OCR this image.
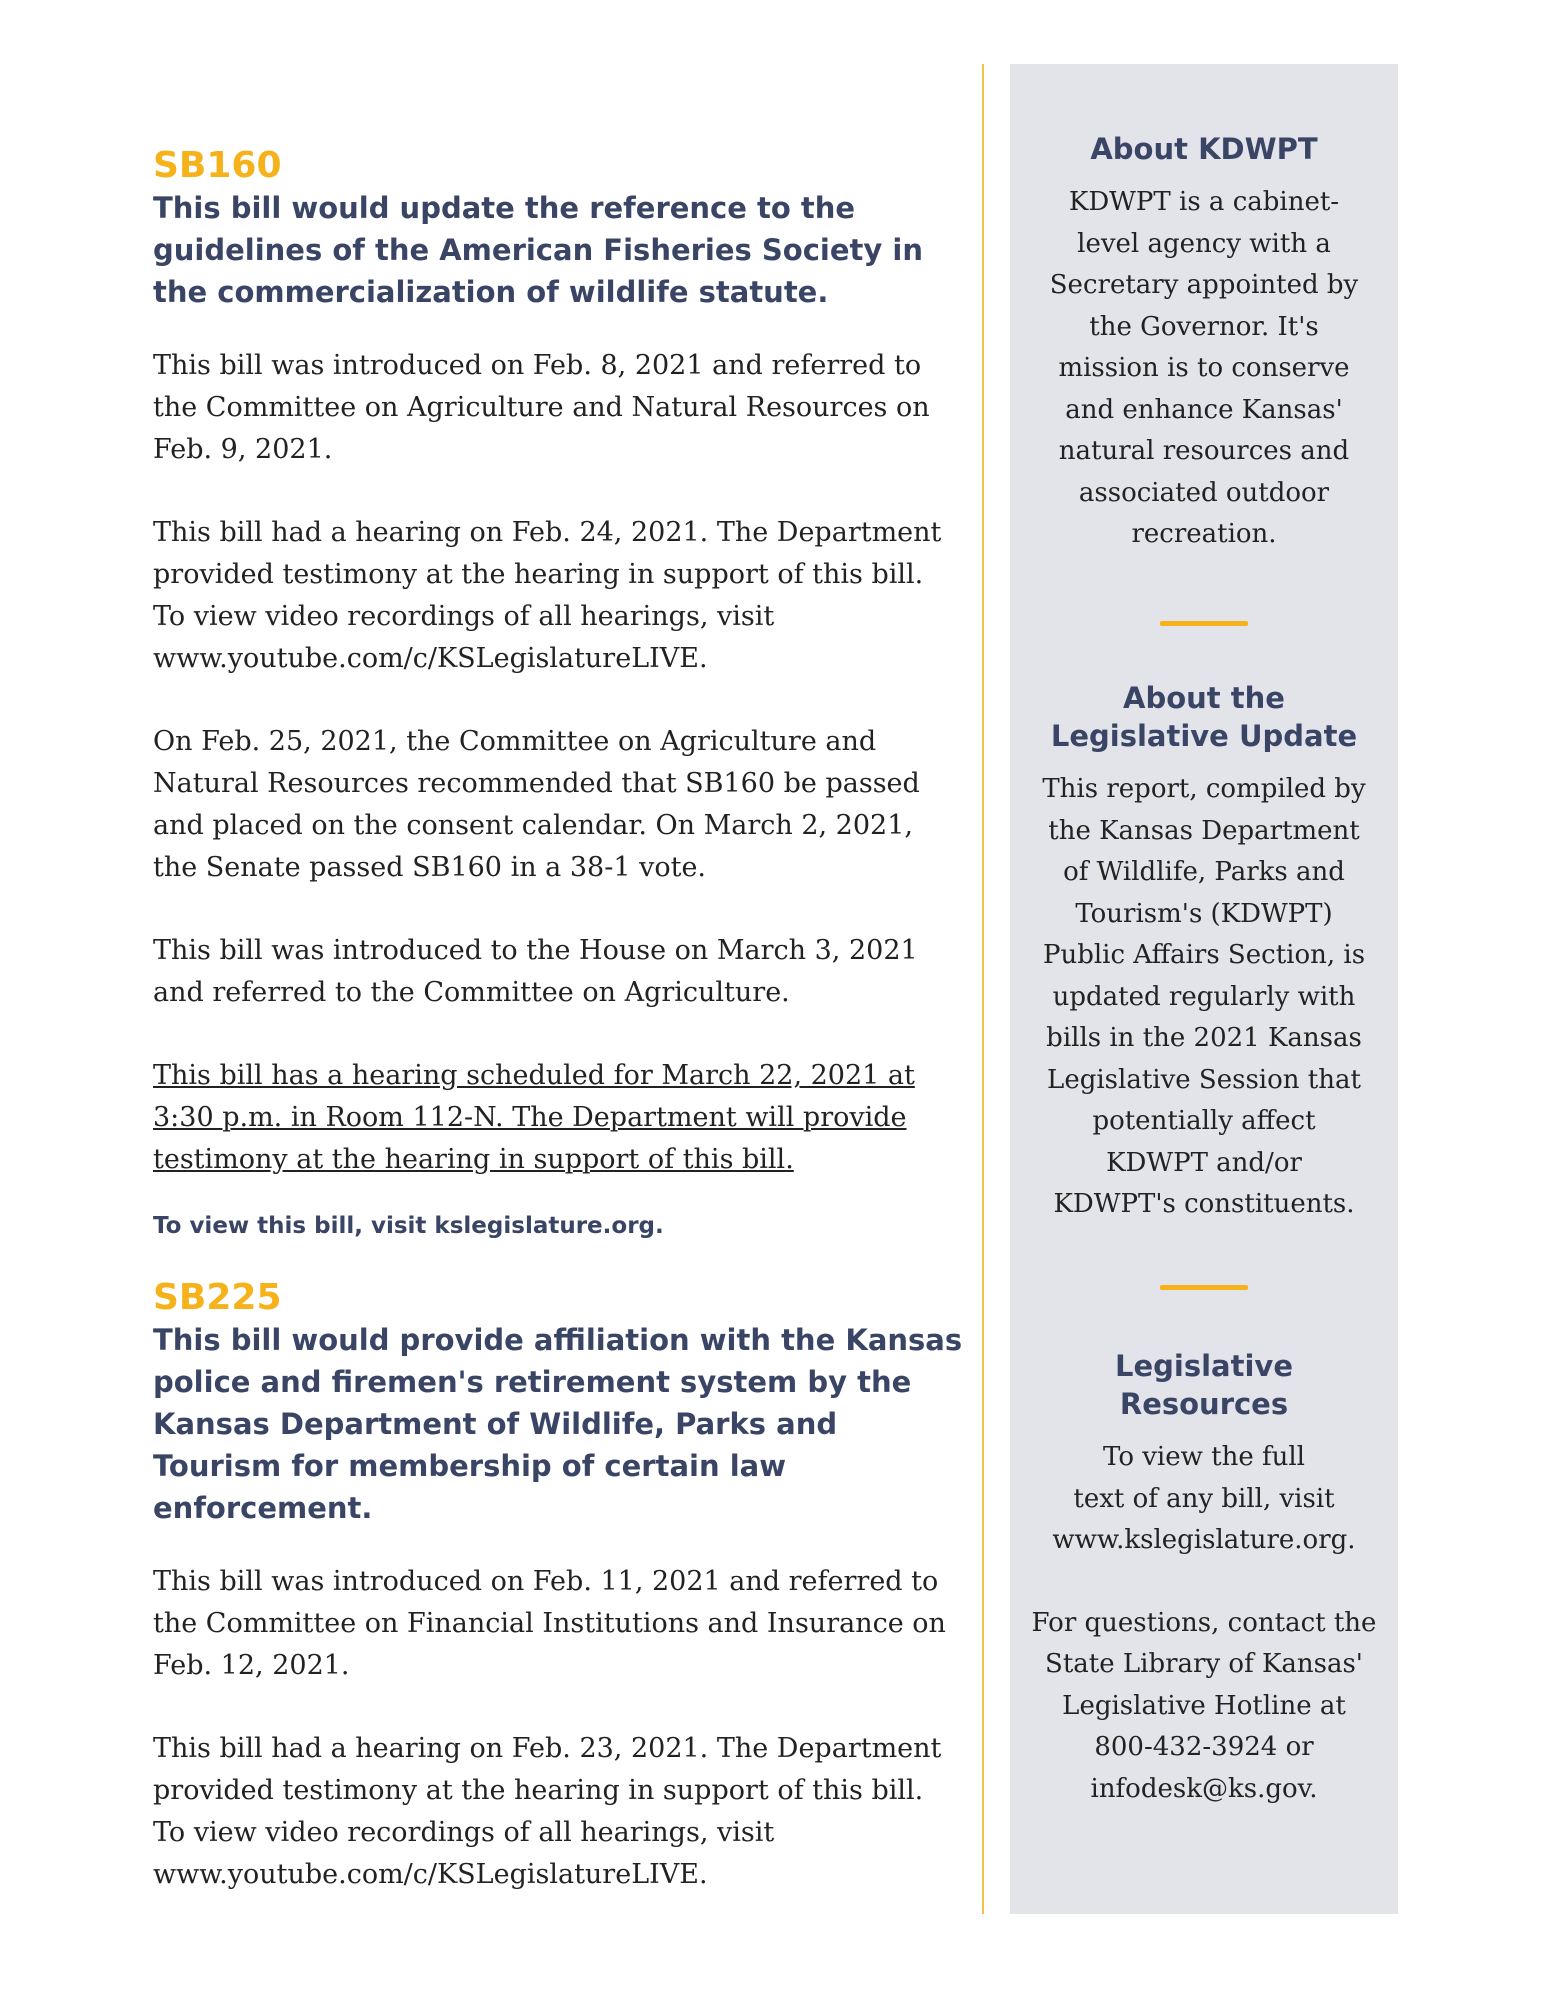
SB160
This bill would update the reference to the guidelines of the American Fisheries Society in the commercialization of wildlife statute.

This bill was introduced on Feb. 8, 2021 and referred to the Committee on Agriculture and Natural Resources on Feb. 9, 2021.

This bill had a hearing on Feb. 24, 2021. The Department provided testimony at the hearing in support of this bill. To view video recordings of all hearings, visit www.youtube.com/c/KSLegislatureLIVE.

On Feb. 25, 2021, the Committee on Agriculture and Natural Resources recommended that SB160 be passed and placed on the consent calendar. On March 2, 2021, the Senate passed SB160 in a 38-1 vote.

This bill was introduced to the House on March 3, 2021 and referred to the Committee on Agriculture.

This bill has a hearing scheduled for March 22, 2021 at 3:30 p.m. in Room 112-N. The Department will provide testimony at the hearing in support of this bill.

To view this bill, visit kslegislature.org.

SB225
This bill would provide affiliation with the Kansas police and firemen's retirement system by the Kansas Department of Wildlife, Parks and Tourism for membership of certain law enforcement.

This bill was introduced on Feb. 11, 2021 and referred to the Committee on Financial Institutions and Insurance on Feb. 12, 2021.

This bill had a hearing on Feb. 23, 2021. The Department provided testimony at the hearing in support of this bill. To view video recordings of all hearings, visit www.youtube.com/c/KSLegislatureLIVE.

About KDWPT

KDWPT is a cabinet-
level agency with a
Secretary appointed by
the Governor. It's
mission is to conserve
and enhance Kansas'
natural resources and
associated outdoor
recreation.

About the
Legislative Update

This report, compiled by
the Kansas Department
of Wildlife, Parks and
Tourism's (KDWPT)
Public Affairs Section, is
updated regularly with
bills in the 2021 Kansas
Legislative Session that
potentially affect
KDWPT and/or
KDWPT's constituents.

Legislative
Resources

To view the full
text of any bill, visit
www.kslegislature.org.

For questions, contact the
State Library of Kansas'
Legislative Hotline at
800-432-3924 or
infodesk@ks.gov.
